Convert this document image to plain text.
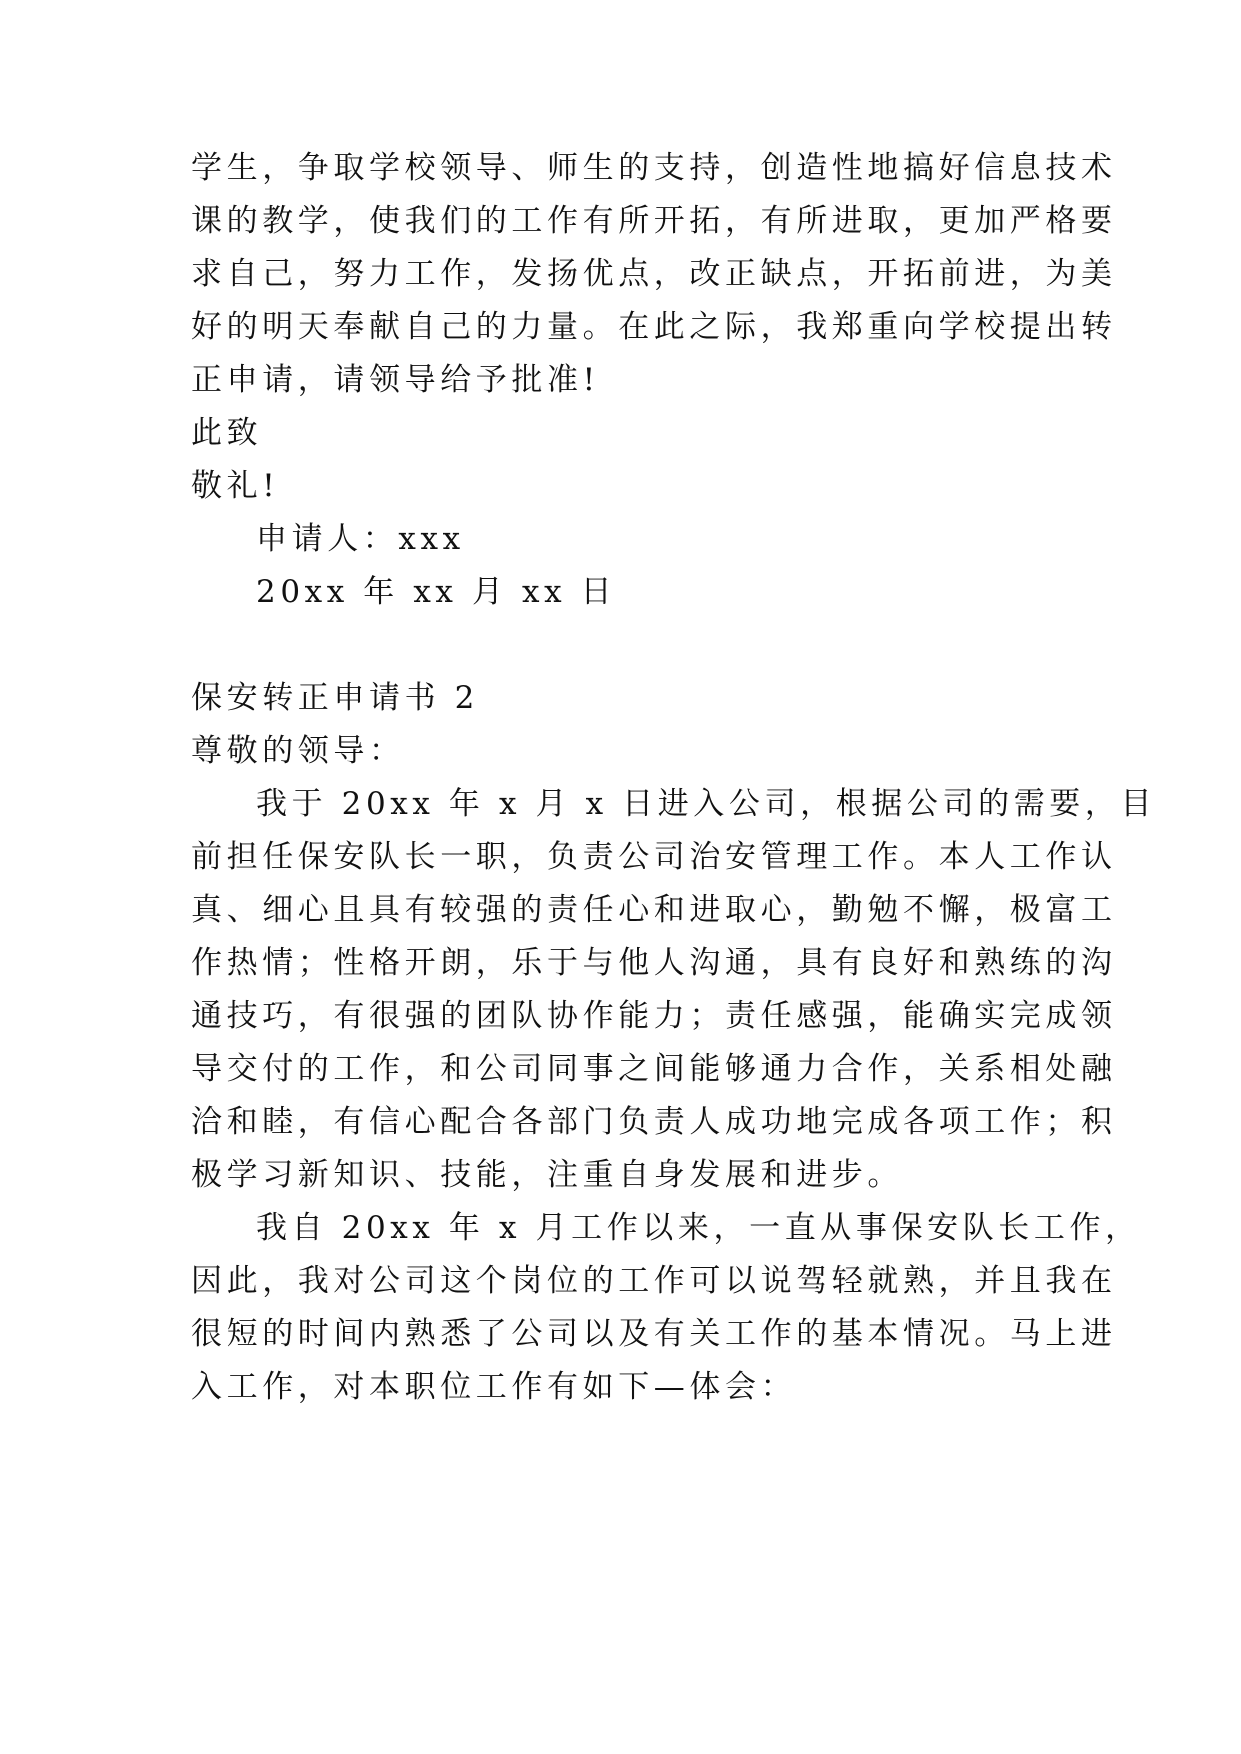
学生，争取学校领导、师生的支持，创造性地搞好信息技术
课的教学，使我们的工作有所开拓，有所进取，更加严格要
求自己，努力工作，发扬优点，改正缺点，开拓前进，为美
好的明天奉献自己的力量。在此之际，我郑重向学校提出转
正申请，请领导给予批准!
此致
敬礼!
申请人：xxx
20xx 年 xx 月 xx 日
保安转正申请书 2
尊敬的领导：
我于 20xx 年 x 月 x 日进入公司，根据公司的需要，目
前担任保安队长一职，负责公司治安管理工作。本人工作认
真、细心且具有较强的责任心和进取心，勤勉不懈，极富工
作热情；性格开朗，乐于与他人沟通，具有良好和熟练的沟
通技巧，有很强的团队协作能力；责任感强，能确实完成领
导交付的工作，和公司同事之间能够通力合作，关系相处融
洽和睦，有信心配合各部门负责人成功地完成各项工作；积
极学习新知识、技能，注重自身发展和进步。
我自 20xx 年 x 月工作以来，一直从事保安队长工作，
因此，我对公司这个岗位的工作可以说驾轻就熟，并且我在
很短的时间内熟悉了公司以及有关工作的基本情况。马上进
入工作，对本职位工作有如下—体会：
